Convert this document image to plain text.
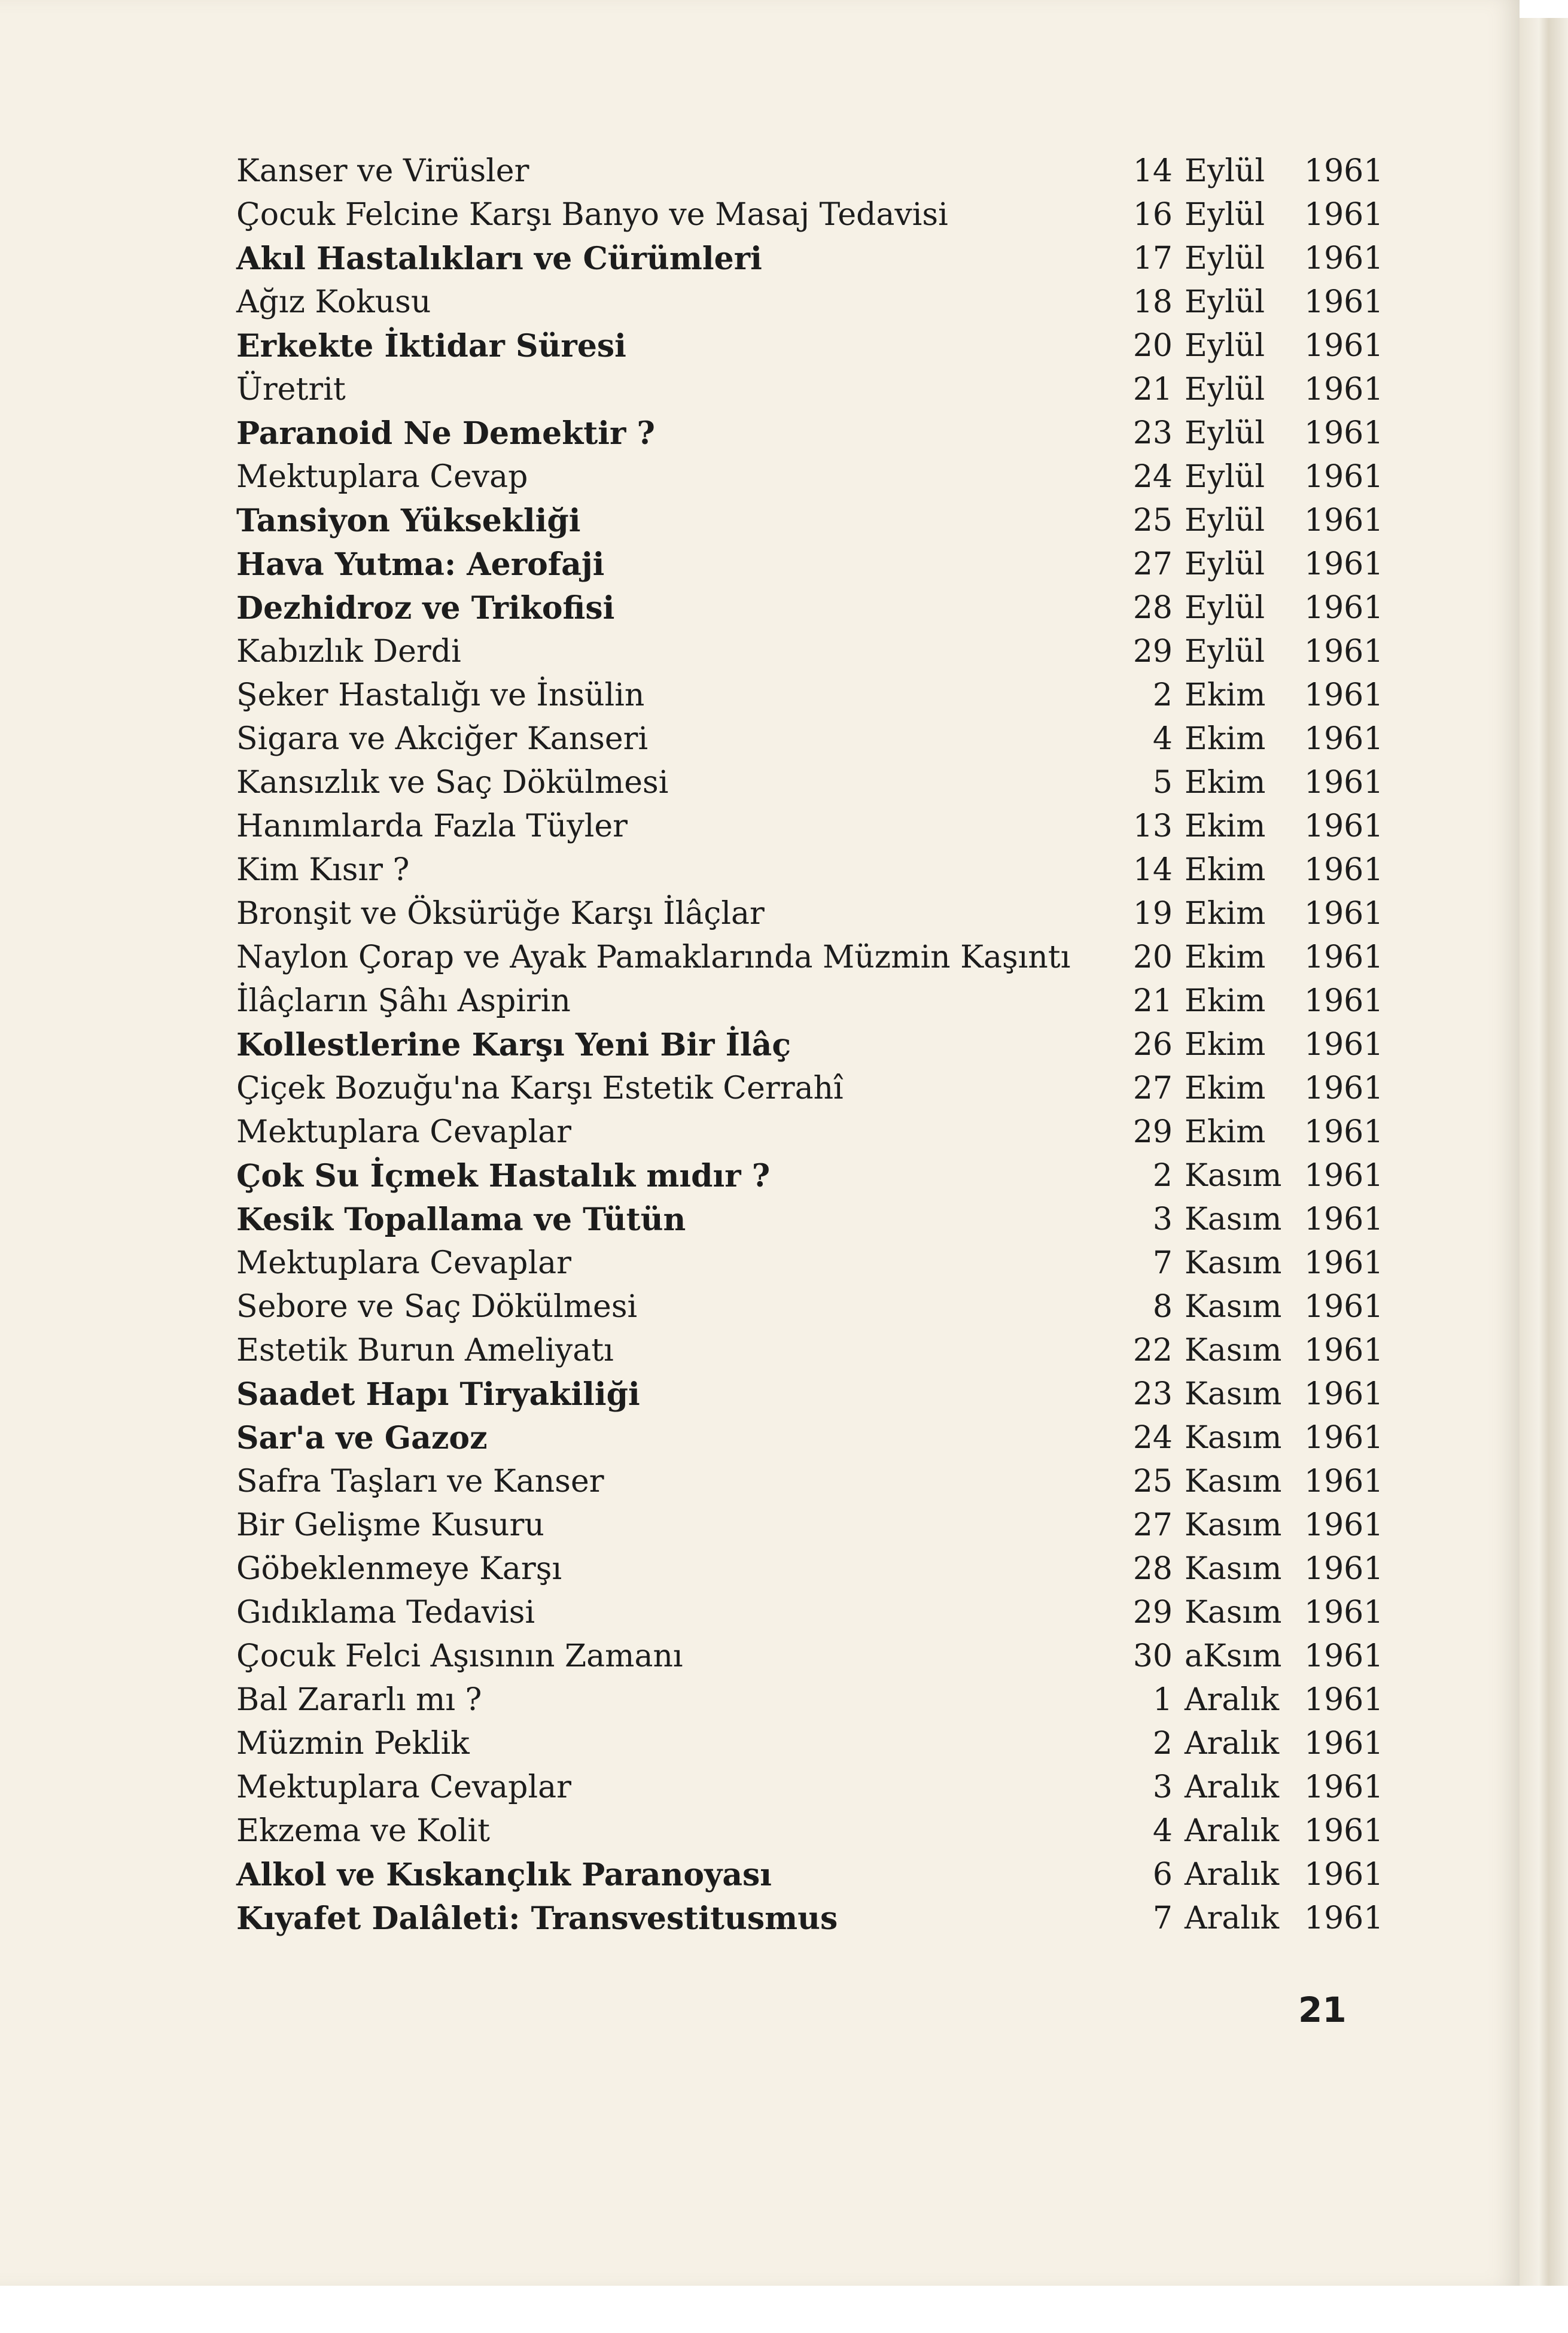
Kanser ve Virüsler	14 Eylül 1961
Çocuk Felcine Karşı Banyo ve Masaj Tedavisi	16 Eylül 1961
Akıl Hastalıkları ve Cürümleri	17 Eylül 1961
Ağız Kokusu	18 Eylül 1961
Erkekte İktidar Süresi	20 Eylül 1961
Üretrit	21 Eylül 1961
Paranoid Ne Demektir ?	23 Eylül 1961
Mektuplara Cevap	24 Eylül 1961
Tansiyon Yüksekliği	25 Eylül 1961
Hava Yutma: Aerofaji	27 Eylül 1961
Dezhidroz ve Trikofisi	28 Eylül 1961
Kabızlık Derdi	29 Eylül 1961
Şeker Hastalığı ve İnsülin	2 Ekim 1961
Sigara ve Akciğer Kanseri	4 Ekim 1961
Kansızlık ve Saç Dökülmesi	5 Ekim 1961
Hanımlarda Fazla Tüyler	13 Ekim 1961
Kim Kısır ?	14 Ekim 1961
Bronşit ve Öksürüğe Karşı İlâçlar	19 Ekim 1961
Naylon Çorap ve Ayak Pamaklarında Müzmin Kaşıntı	20 Ekim 1961
İlâçların Şâhı Aspirin	21 Ekim 1961
Kollestlerine Karşı Yeni Bir İlâç	26 Ekim 1961
Çiçek Bozuğu'na Karşı Estetik Cerrahî	27 Ekim 1961
Mektuplara Cevaplar	29 Ekim 1961
Çok Su İçmek Hastalık mıdır ?	2 Kasım 1961
Kesik Topallama ve Tütün	3 Kasım 1961
Mektuplara Cevaplar	7 Kasım 1961
Sebore ve Saç Dökülmesi	8 Kasım 1961
Estetik Burun Ameliyatı	22 Kasım 1961
Saadet Hapı Tiryakiliği	23 Kasım 1961
Sar'a ve Gazoz	24 Kasım 1961
Safra Taşları ve Kanser	25 Kasım 1961
Bir Gelişme Kusuru	27 Kasım 1961
Göbeklenmeye Karşı	28 Kasım 1961
Gıdıklama Tedavisi	29 Kasım 1961
Çocuk Felci Aşısının Zamanı	30 aKsım 1961
Bal Zararlı mı ?	1 Aralık 1961
Müzmin Peklik	2 Aralık 1961
Mektuplara Cevaplar	3 Aralık 1961
Ekzema ve Kolit	4 Aralık 1961
Alkol ve Kıskançlık Paranoyası	6 Aralık 1961
Kıyafet Dalâleti: Transvestitusmus	7 Aralık 1961
21
